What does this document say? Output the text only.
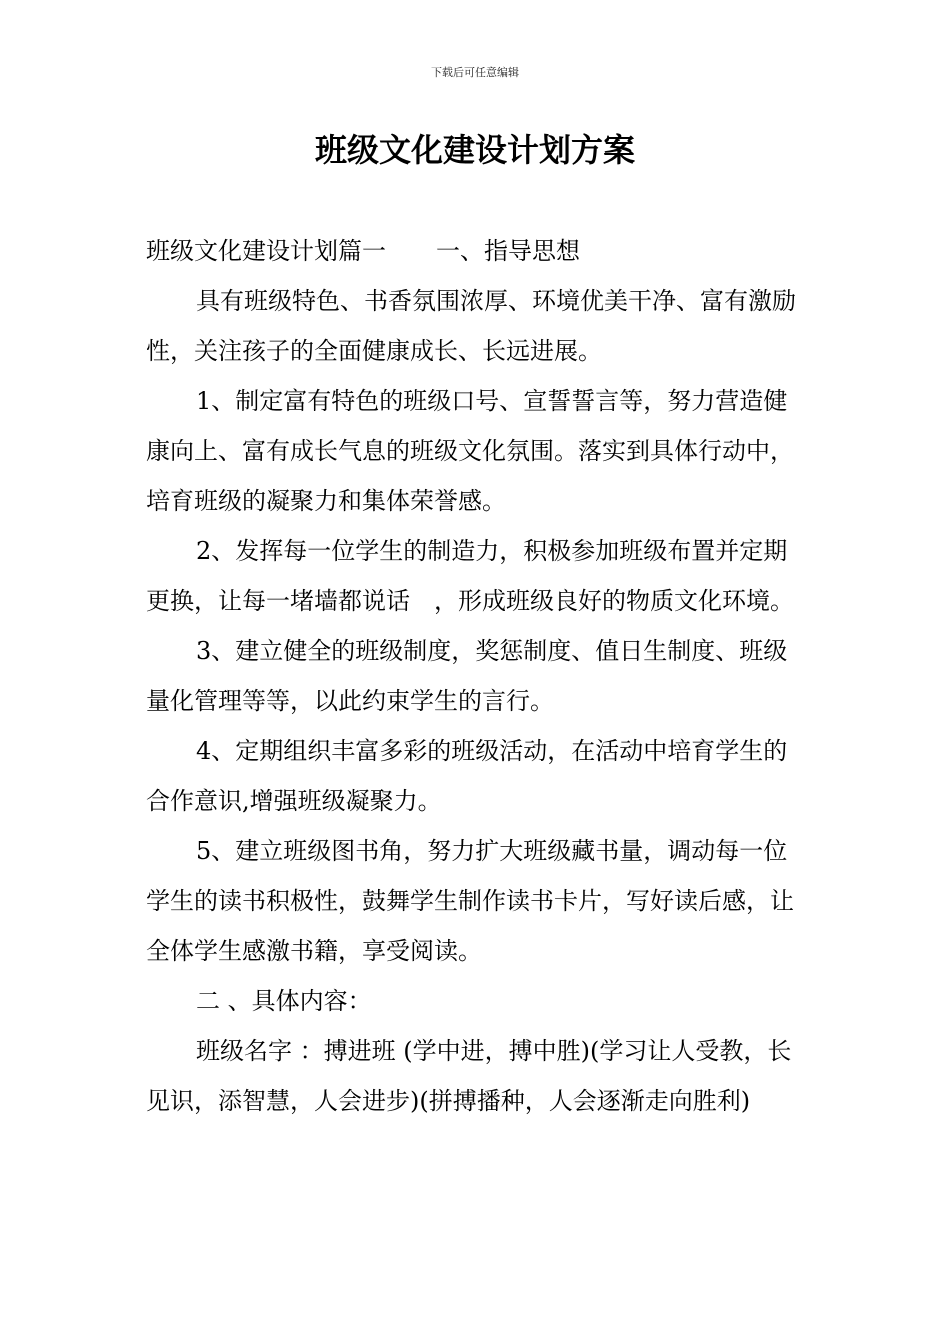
下载后可任意编辑
班级文化建设计划方案

班级文化建设计划篇一 一、指导思想

具有班级特色、书香氛围浓厚、环境优美干净、富有激励性，关注孩子的全面健康成长、长远进展。

1、制定富有特色的班级口号、宣誓誓言等，努力营造健康向上、富有成长气息的班级文化氛围。落实到具体行动中，培育班级的凝聚力和集体荣誉感。

2、发挥每一位学生的制造力，积极参加班级布置并定期更换，让每一堵墙都说话　，形成班级良好的物质文化环境。

3、建立健全的班级制度，奖惩制度、值日生制度、班级量化管理等等，以此约束学生的言行。

4、定期组织丰富多彩的班级活动，在活动中培育学生的合作意识,增强班级凝聚力。

5、建立班级图书角，努力扩大班级藏书量，调动每一位学生的读书积极性，鼓舞学生制作读书卡片，写好读后感，让全体学生感激书籍，享受阅读。

二 、具体内容：

班级名字 ：搏进班 (学中进，搏中胜)(学习让人受教，长见识，添智慧，人会进步)(拼搏播种，人会逐渐走向胜利)
